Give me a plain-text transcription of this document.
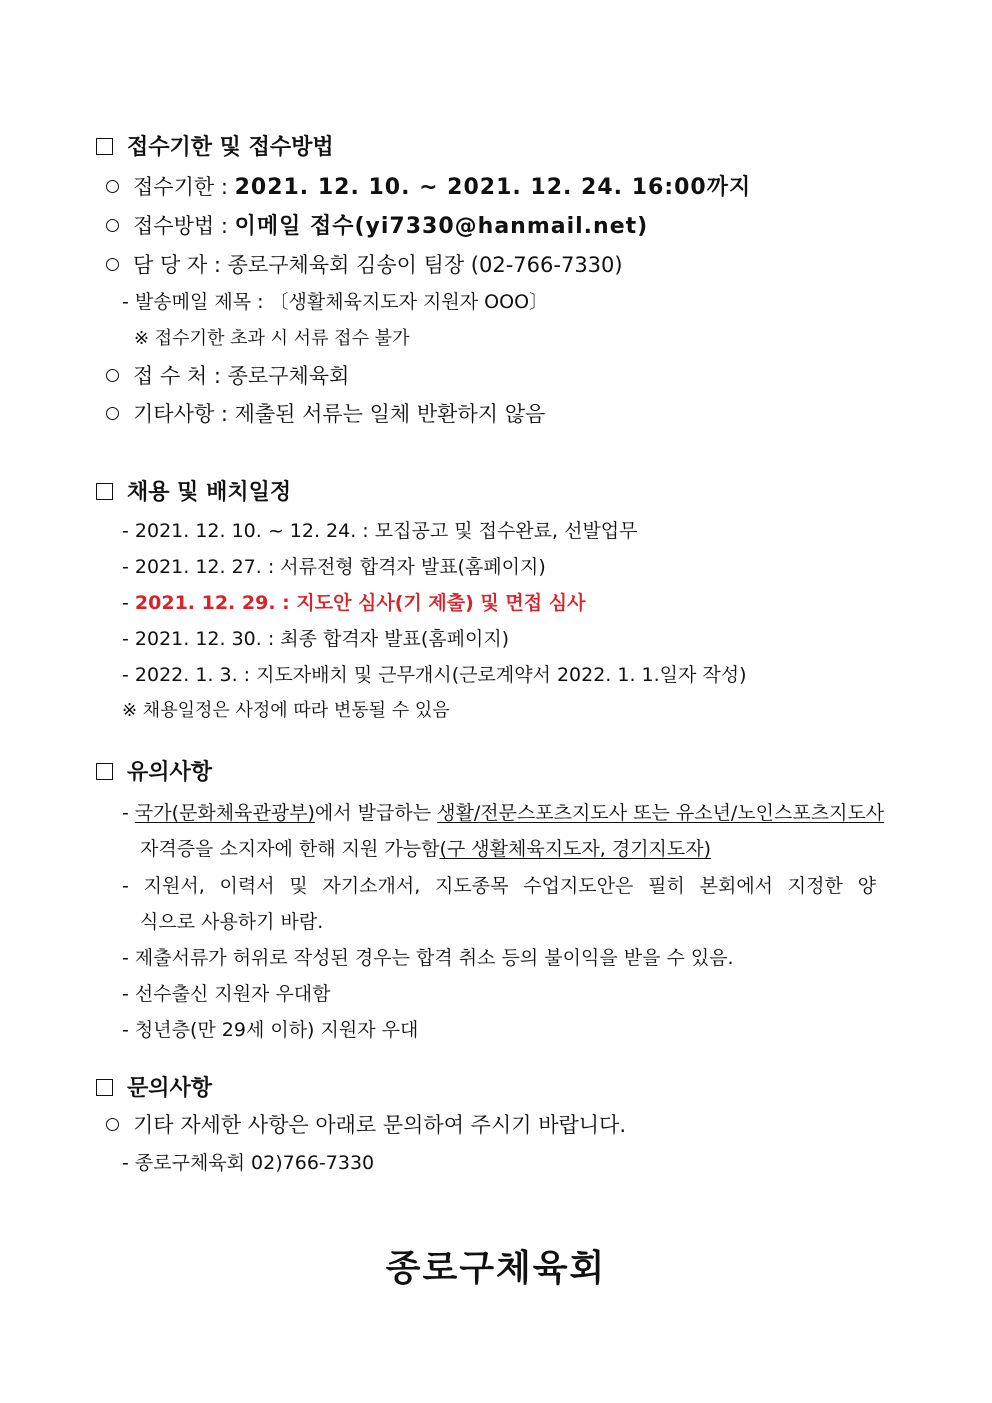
접수기한 및 접수방법
접수기한 : 2021. 12. 10. ~ 2021. 12. 24. 16:00까지
접수방법 : 이메일 접수(yi7330@hanmail.net)
담 당 자 : 종로구체육회 김송이 팀장 (02-766-7330)
- 발송메일 제목 : 〔생활체육지도자 지원자 OOO〕
※ 접수기한 초과 시 서류 접수 불가
접 수 처 : 종로구체육회
기타사항 : 제출된 서류는 일체 반환하지 않음
채용 및 배치일정
- 2021. 12. 10. ~ 12. 24. : 모집공고 및 접수완료, 선발업무
- 2021. 12. 27. : 서류전형 합격자 발표(홈페이지)
- 2021. 12. 29. : 지도안 심사(기 제출) 및 면접 심사
- 2021. 12. 30. : 최종 합격자 발표(홈페이지)
- 2022. 1. 3. : 지도자배치 및 근무개시(근로계약서 2022. 1. 1.일자 작성)
※ 채용일정은 사정에 따라 변동될 수 있음
유의사항
- 국가(문화체육관광부)에서 발급하는 생활/전문스포츠지도사 또는 유소년/노인스포츠지도사
자격증을 소지자에 한해 지원 가능함(구 생활체육지도자, 경기지도자)
- 지원서, 이력서 및 자기소개서, 지도종목 수업지도안은 필히 본회에서 지정한 양
식으로 사용하기 바람.
- 제출서류가 허위로 작성된 경우는 합격 취소 등의 불이익을 받을 수 있음.
- 선수출신 지원자 우대함
- 청년층(만 29세 이하) 지원자 우대
문의사항
기타 자세한 사항은 아래로 문의하여 주시기 바랍니다.
- 종로구체육회 02)766-7330
종로구체육회
